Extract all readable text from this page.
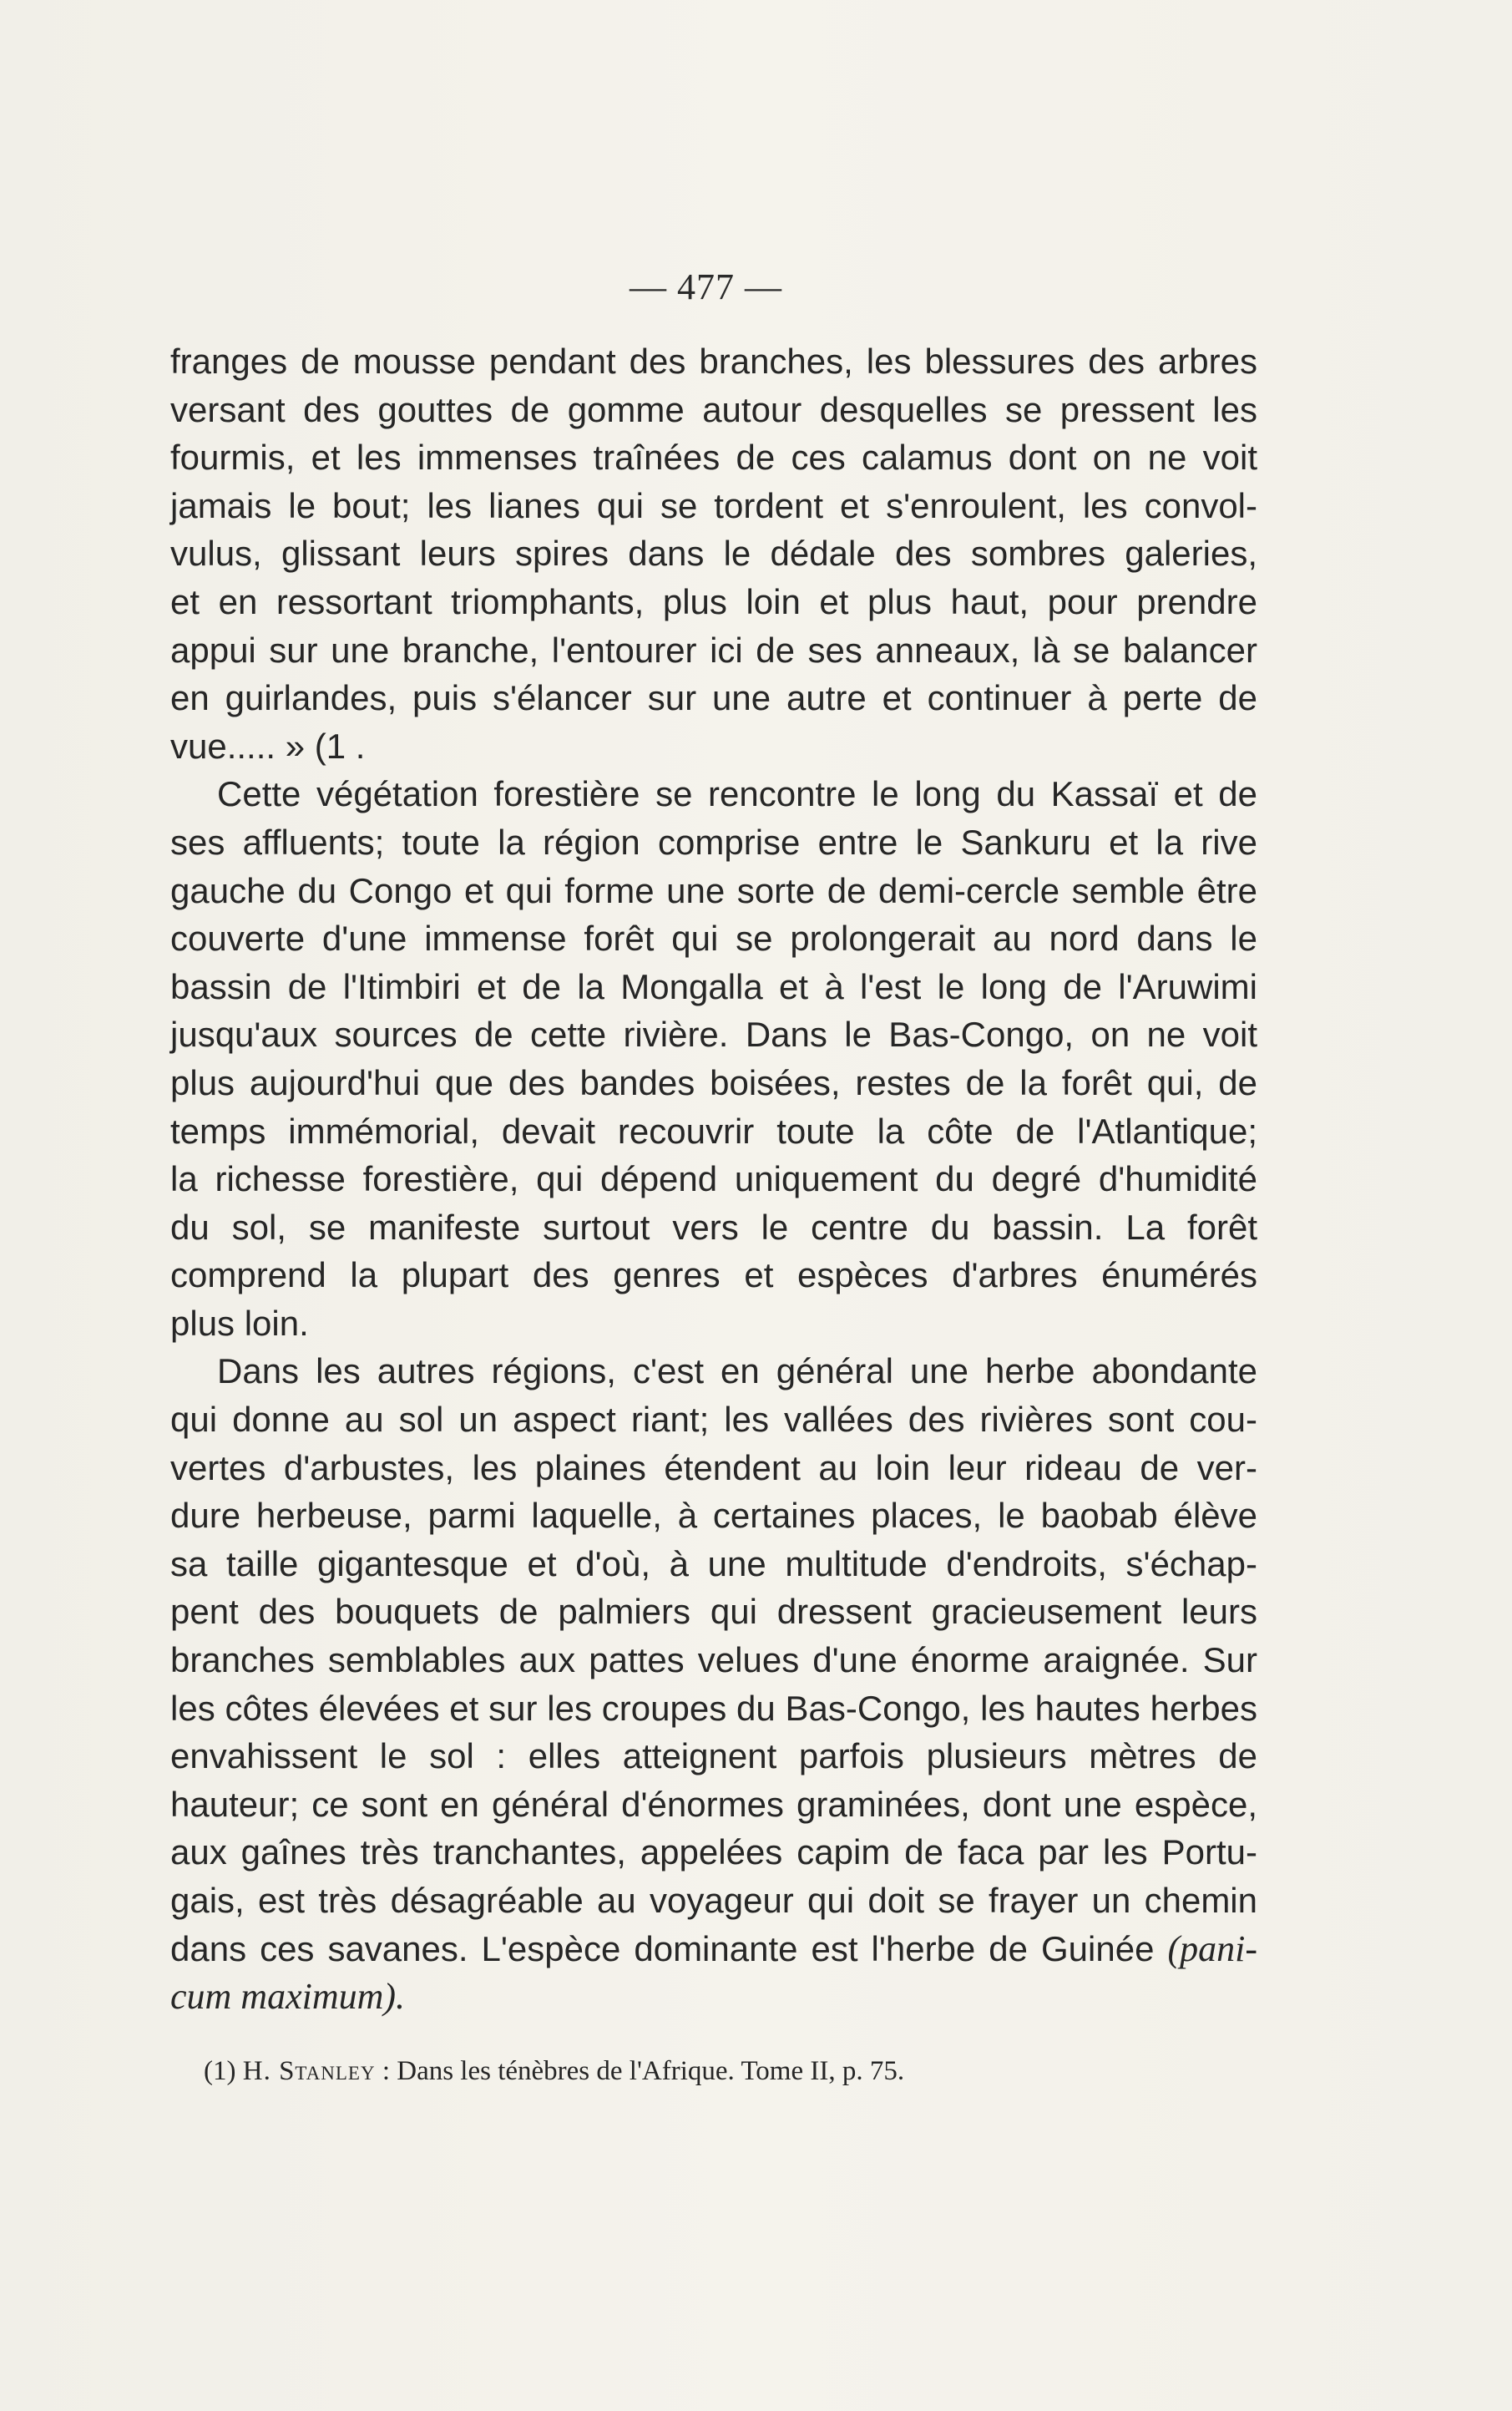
— 477 —
franges de mousse pendant des branches, les blessures des arbres
versant des gouttes de gomme autour desquelles se pressent les
fourmis, et les immenses traînées de ces calamus dont on ne voit
jamais le bout; les lianes qui se tordent et s'enroulent, les convol-
vulus, glissant leurs spires dans le dédale des sombres galeries,
et en ressortant triomphants, plus loin et plus haut, pour prendre
appui sur une branche, l'entourer ici de ses anneaux, là se balancer
en guirlandes, puis s'élancer sur une autre et continuer à perte de
vue..... » (1 .
Cette végétation forestière se rencontre le long du Kassaï et de
ses affluents; toute la région comprise entre le Sankuru et la rive
gauche du Congo et qui forme une sorte de demi-cercle semble être
couverte d'une immense forêt qui se prolongerait au nord dans le
bassin de l'Itimbiri et de la Mongalla et à l'est le long de l'Aruwimi
jusqu'aux sources de cette rivière. Dans le Bas-Congo, on ne voit
plus aujourd'hui que des bandes boisées, restes de la forêt qui, de
temps immémorial, devait recouvrir toute la côte de l'Atlantique;
la richesse forestière, qui dépend uniquement du degré d'humidité
du sol, se manifeste surtout vers le centre du bassin. La forêt
comprend la plupart des genres et espèces d'arbres énumérés
plus loin.
Dans les autres régions, c'est en général une herbe abondante
qui donne au sol un aspect riant; les vallées des rivières sont cou-
vertes d'arbustes, les plaines étendent au loin leur rideau de ver-
dure herbeuse, parmi laquelle, à certaines places, le baobab élève
sa taille gigantesque et d'où, à une multitude d'endroits, s'échap-
pent des bouquets de palmiers qui dressent gracieusement leurs
branches semblables aux pattes velues d'une énorme araignée. Sur
les côtes élevées et sur les croupes du Bas-Congo, les hautes herbes
envahissent le sol : elles atteignent parfois plusieurs mètres de
hauteur; ce sont en général d'énormes graminées, dont une espèce,
aux gaînes très tranchantes, appelées capim de faca par les Portu-
gais, est très désagréable au voyageur qui doit se frayer un chemin
dans ces savanes. L'espèce dominante est l'herbe de Guinée (pani-
cum maximum).
(1) H. Stanley : Dans les ténèbres de l'Afrique. Tome II, p. 75.
